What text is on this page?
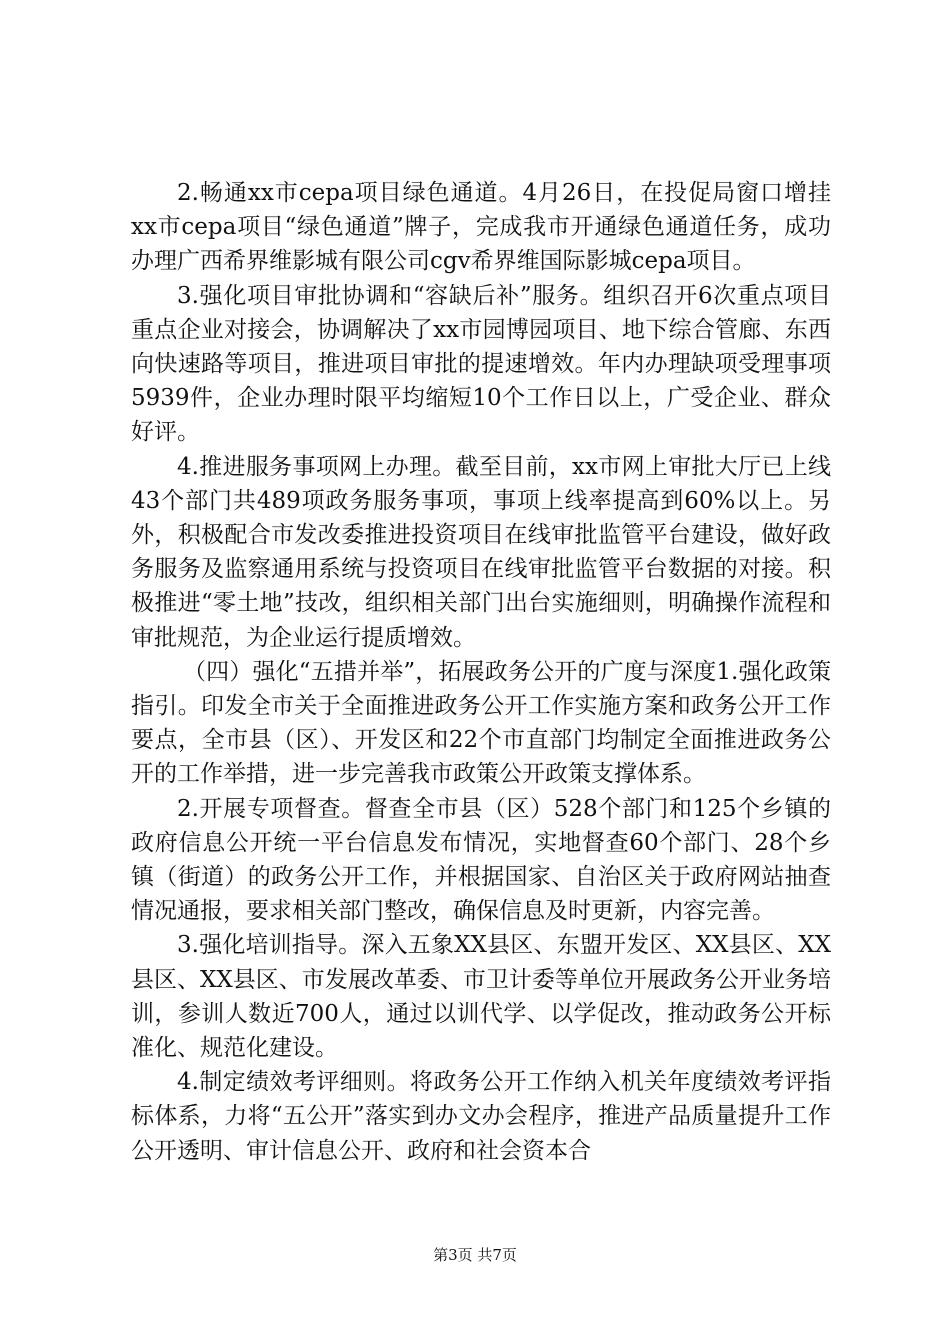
2.畅通xx市cepa项目绿色通道。4月26日，在投促局窗口增挂xx市cepa项目“绿色通道”牌子，完成我市开通绿色通道任务，成功办理广西希界维影城有限公司cgv希界维国际影城cepa项目。

3.强化项目审批协调和“容缺后补”服务。组织召开6次重点项目重点企业对接会，协调解决了xx市园博园项目、地下综合管廊、东西向快速路等项目，推进项目审批的提速增效。年内办理缺项受理事项5939件，企业办理时限平均缩短10个工作日以上，广受企业、群众好评。

4.推进服务事项网上办理。截至目前，xx市网上审批大厅已上线43个部门共489项政务服务事项，事项上线率提高到60%以上。另外，积极配合市发改委推进投资项目在线审批监管平台建设，做好政务服务及监察通用系统与投资项目在线审批监管平台数据的对接。积极推进“零土地”技改，组织相关部门出台实施细则，明确操作流程和审批规范，为企业运行提质增效。

（四）强化“五措并举”，拓展政务公开的广度与深度1.强化政策指引。印发全市关于全面推进政务公开工作实施方案和政务公开工作要点，全市县（区）、开发区和22个市直部门均制定全面推进政务公开的工作举措，进一步完善我市政策公开政策支撑体系。

2.开展专项督查。督查全市县（区）528个部门和125个乡镇的政府信息公开统一平台信息发布情况，实地督查60个部门、28个乡镇（街道）的政务公开工作，并根据国家、自治区关于政府网站抽查情况通报，要求相关部门整改，确保信息及时更新，内容完善。

3.强化培训指导。深入五象XX县区、东盟开发区、XX县区、XX县区、XX县区、市发展改革委、市卫计委等单位开展政务公开业务培训，参训人数近700人，通过以训代学、以学促改，推动政务公开标准化、规范化建设。

4.制定绩效考评细则。将政务公开工作纳入机关年度绩效考评指标体系，力将“五公开”落实到办文办会程序，推进产品质量提升工作公开透明、审计信息公开、政府和社会资本合

第3页 共7页
